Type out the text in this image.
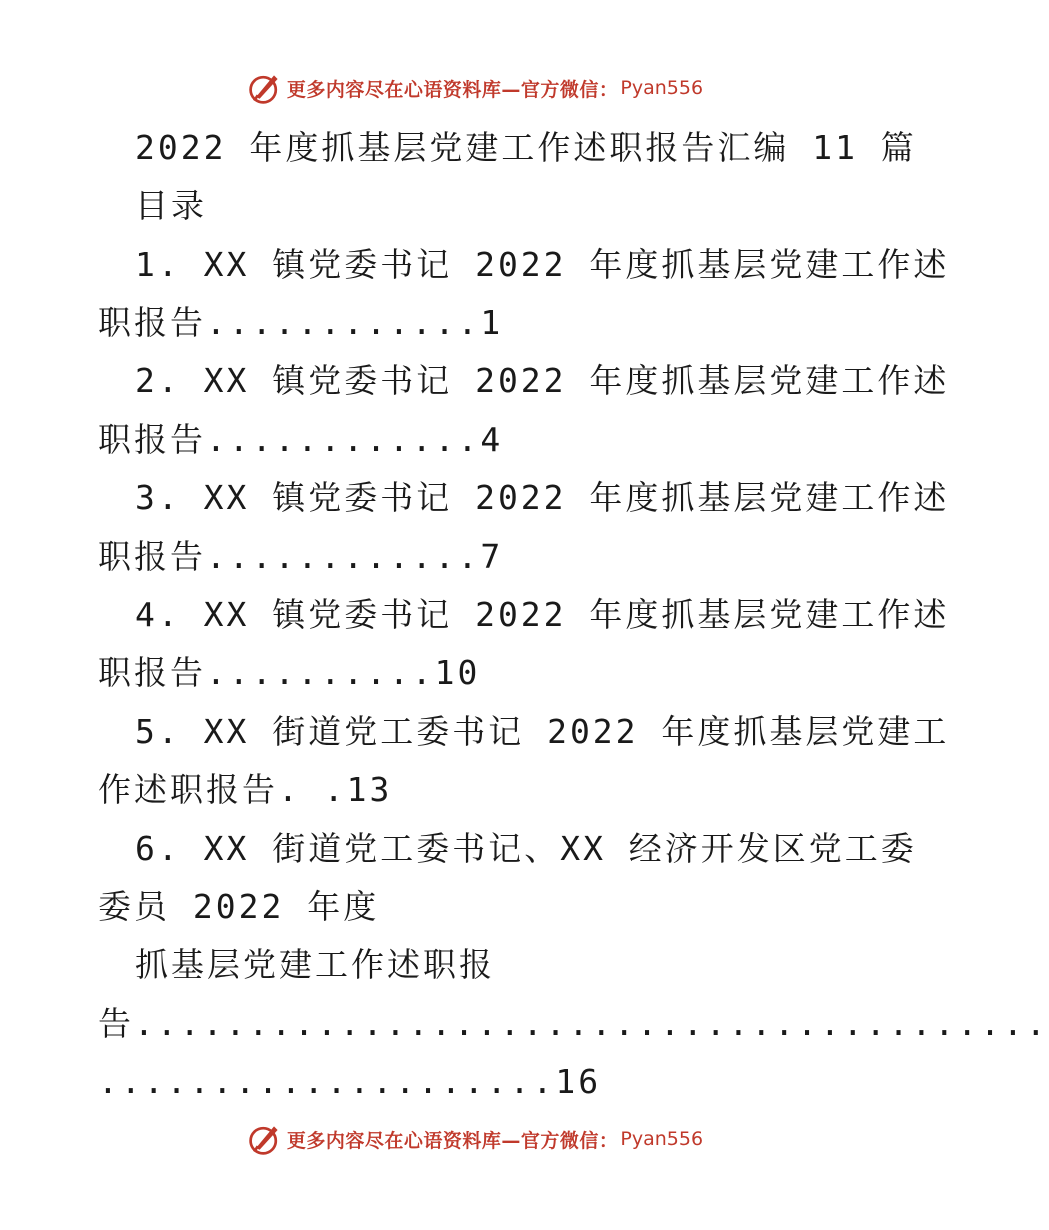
更多内容尽在心语资料库—官方微信： Pyan556
2022 年度抓基层党建工作述职报告汇编 11 篇
目录
1. XX 镇党委书记 2022 年度抓基层党建工作述
职报告............1
2. XX 镇党委书记 2022 年度抓基层党建工作述
职报告............4
3. XX 镇党委书记 2022 年度抓基层党建工作述
职报告............7
4. XX 镇党委书记 2022 年度抓基层党建工作述
职报告..........10
5. XX 街道党工委书记 2022 年度抓基层党建工
作述职报告. .13
6. XX 街道党工委书记、XX 经济开发区党工委
委员 2022 年度
抓基层党建工作述职报
告........................................
....................16
更多内容尽在心语资料库—官方微信： Pyan556
